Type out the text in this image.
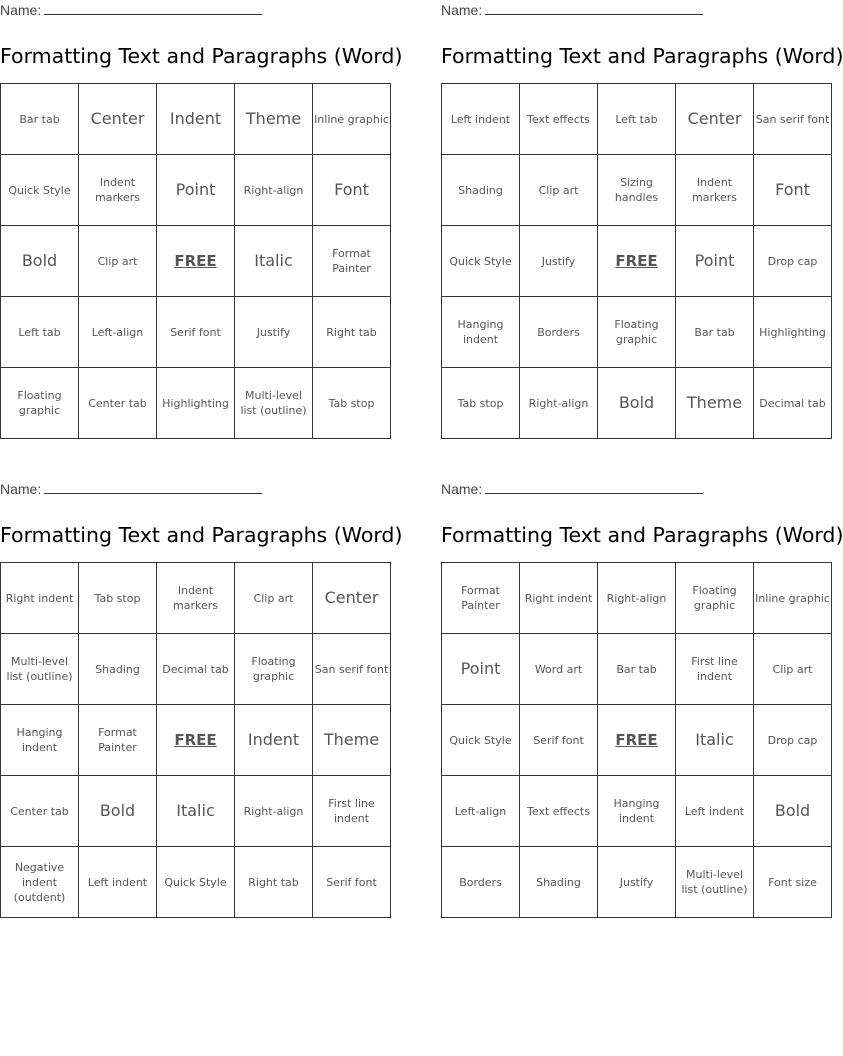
Name:
Formatting Text and Paragraphs (Word)
Bar tab	Center	Indent	Theme	Inline graphic
Quick Style	Indent markers	Point	Right-align	Font
Bold	Clip art	FREE	Italic	Format Painter
Left tab	Left-align	Serif font	Justify	Right tab
Floating graphic	Center tab	Highlighting	Multi-level list (outline)	Tab stop
Name:
Formatting Text and Paragraphs (Word)
Left indent	Text effects	Left tab	Center	San serif font
Shading	Clip art	Sizing handles	Indent markers	Font
Quick Style	Justify	FREE	Point	Drop cap
Hanging indent	Borders	Floating graphic	Bar tab	Highlighting
Tab stop	Right-align	Bold	Theme	Decimal tab
Name:
Formatting Text and Paragraphs (Word)
Right indent	Tab stop	Indent markers	Clip art	Center
Multi-level list (outline)	Shading	Decimal tab	Floating graphic	San serif font
Hanging indent	Format Painter	FREE	Indent	Theme
Center tab	Bold	Italic	Right-align	First line indent
Negative indent (outdent)	Left indent	Quick Style	Right tab	Serif font
Name:
Formatting Text and Paragraphs (Word)
Format Painter	Right indent	Right-align	Floating graphic	Inline graphic
Point	Word art	Bar tab	First line indent	Clip art
Quick Style	Serif font	FREE	Italic	Drop cap
Left-align	Text effects	Hanging indent	Left indent	Bold
Borders	Shading	Justify	Multi-level list (outline)	Font size
